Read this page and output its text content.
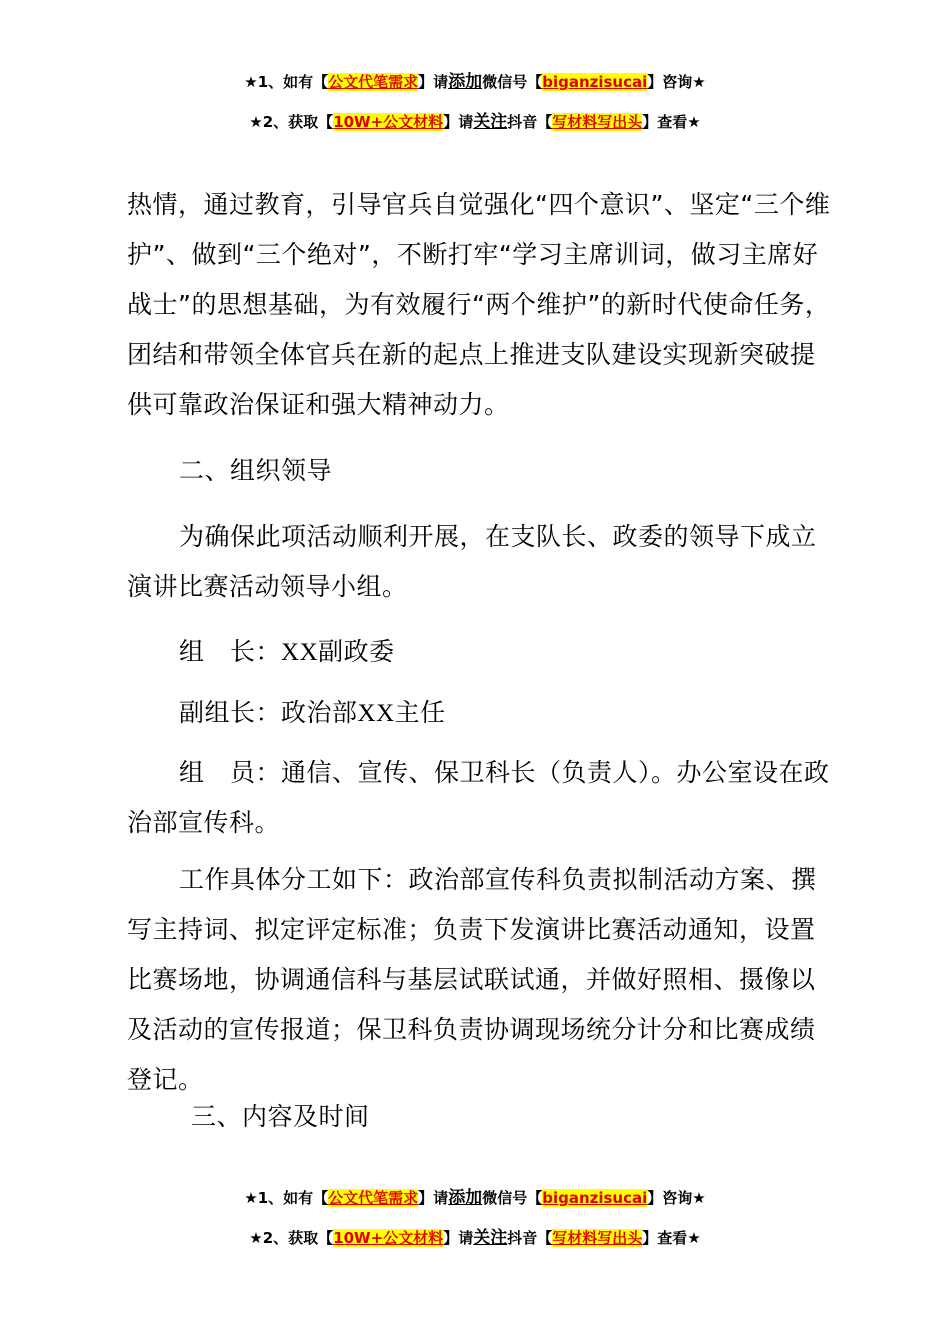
★1、如有【公文代笔需求】请添加微信号【biganzisucai】咨询★
★2、获取【10W+公文材料】请关注抖音【写材料写出头】查看★

热情，通过教育，引导官兵自觉强化“四个意识”、坚定“三个维护”、做到“三个绝对”，不断打牢“学习主席训词，做习主席好战士”的思想基础，为有效履行“两个维护”的新时代使命任务，团结和带领全体官兵在新的起点上推进支队建设实现新突破提供可靠政治保证和强大精神动力。

二、组织领导

为确保此项活动顺利开展，在支队长、政委的领导下成立演讲比赛活动领导小组。

组　长：XX副政委

副组长：政治部XX主任

组　员：通信、宣传、保卫科长（负责人）。办公室设在政治部宣传科。

工作具体分工如下：政治部宣传科负责拟制活动方案、撰写主持词、拟定评定标准；负责下发演讲比赛活动通知，设置比赛场地，协调通信科与基层试联试通，并做好照相、摄像以及活动的宣传报道；保卫科负责协调现场统分计分和比赛成绩登记。

三、内容及时间

★1、如有【公文代笔需求】请添加微信号【biganzisucai】咨询★
★2、获取【10W+公文材料】请关注抖音【写材料写出头】查看★
